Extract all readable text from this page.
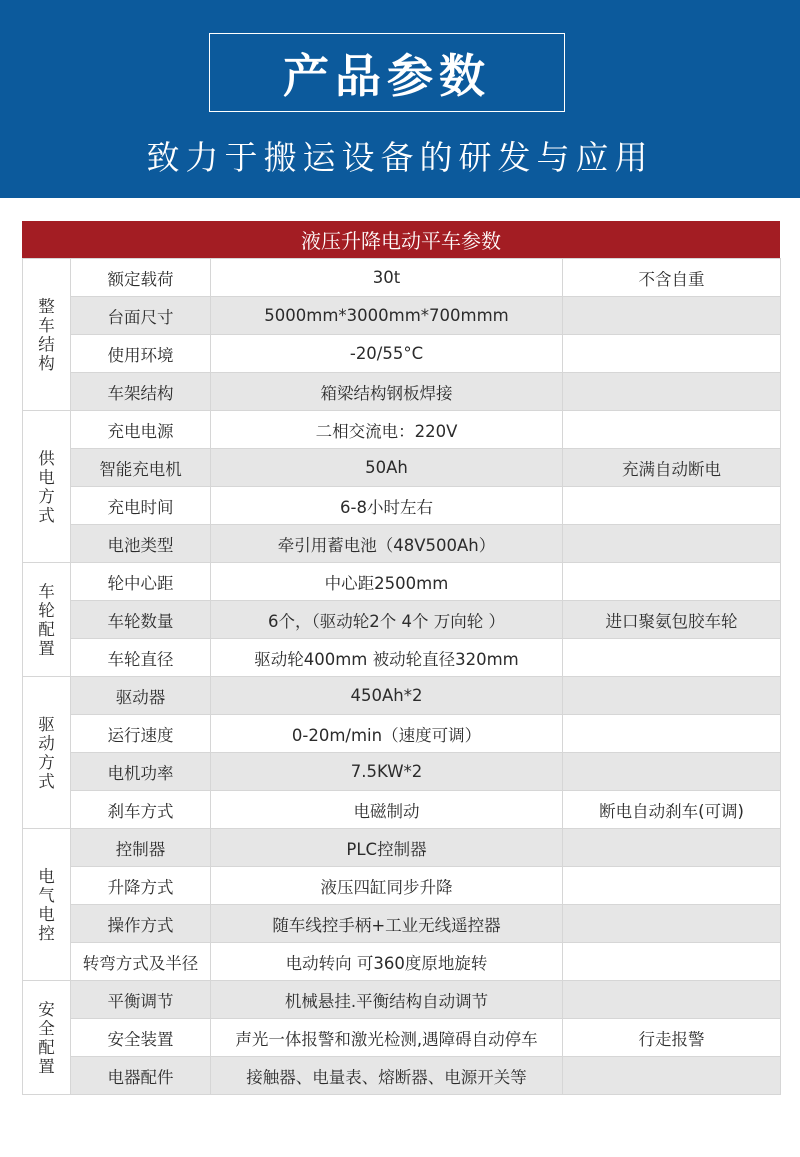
产品参数
致力于搬运设备的研发与应用
液压升降电动平车参数
整车结构	额定载荷	30t	不含自重
	台面尺寸	5000mm*3000mm*700mmm	
	使用环境	-20/55°C	
	车架结构	箱梁结构钢板焊接	

供电方式	充电电源	二相交流电：220V	
	智能充电机	50Ah	充满自动断电
	充电时间	6-8小时左右	
	电池类型	牵引用蓄电池（48V500Ah）	

车轮配置	轮中心距	中心距2500mm	
	车轮数量	6个，（驱动轮2个 4个 万向轮 ）	进口聚氨包胶车轮
	车轮直径	驱动轮400mm 被动轮直径320mm	

驱动方式	驱动器	450Ah*2	
	运行速度	0-20m/min（速度可调）	
	电机功率	7.5KW*2	
	刹车方式	电磁制动	断电自动刹车(可调)

电气电控	控制器	PLC控制器	
	升降方式	液压四缸同步升降	
	操作方式	随车线控手柄+工业无线遥控器	
	转弯方式及半径	电动转向 可360度原地旋转	

安全配置	平衡调节	机械悬挂.平衡结构自动调节	
	安全装置	声光一体报警和激光检测,遇障碍自动停车	行走报警
	电器配件	接触器、电量表、熔断器、电源开关等	
